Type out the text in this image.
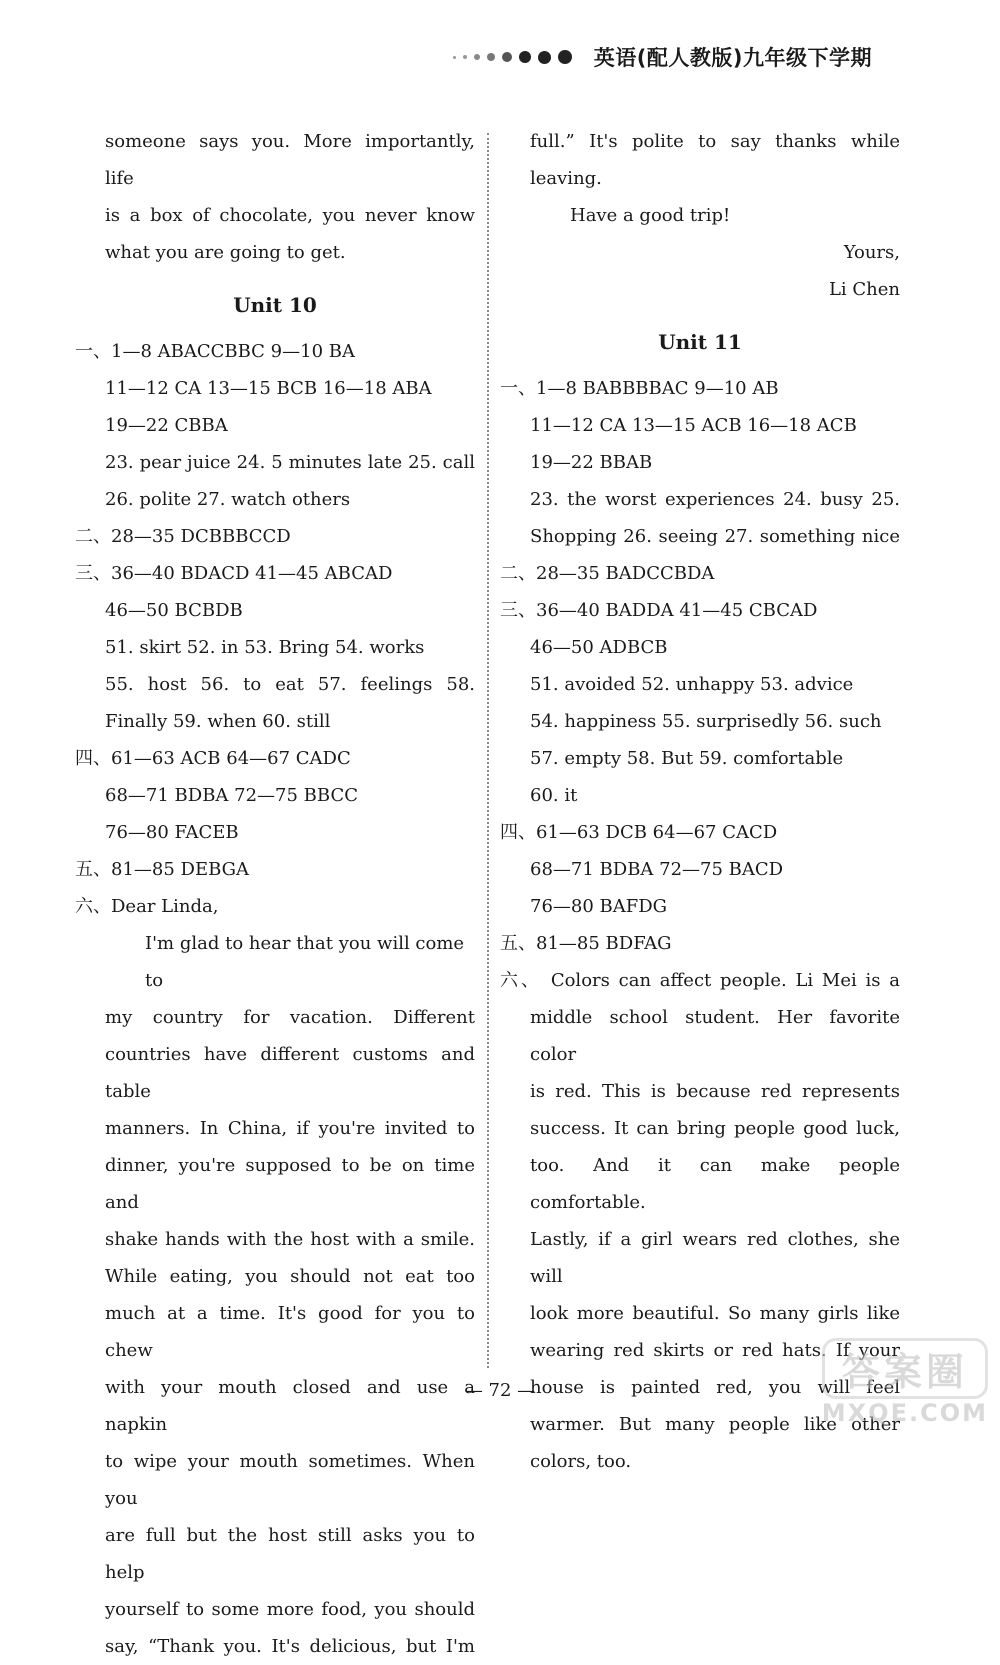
英语(配人教版)九年级下学期

someone says you. More importantly, life

is a box of chocolate, you never know

what you are going to get.

Unit 10

一、1—8 ABACCBBC 9—10 BA

11—12 CA 13—15 BCB 16—18 ABA

19—22 CBBA

23. pear juice 24. 5 minutes late 25. call

26. polite 27. watch others

二、28—35 DCBBBCCD

三、36—40 BDACD 41—45 ABCAD

46—50 BCBDB

51. skirt 52. in 53. Bring 54. works

55. host 56. to eat 57. feelings 58.

Finally 59. when 60. still

四、61—63 ACB 64—67 CADC

68—71 BDBA 72—75 BBCC

76—80 FACEB

五、81—85 DEBGA

六、Dear Linda,

I'm glad to hear that you will come to

my country for vacation. Different

countries have different customs and table

manners. In China, if you're invited to

dinner, you're supposed to be on time and

shake hands with the host with a smile.

While eating, you should not eat too

much at a time. It's good for you to chew

with your mouth closed and use a napkin

to wipe your mouth sometimes. When you

are full but the host still asks you to help

yourself to some more food, you should

say, “Thank you. It's delicious, but I'm

full.” It's polite to say thanks while

leaving.

Have a good trip!

Yours,

Li Chen

Unit 11

一、1—8 BABBBBAC 9—10 AB

11—12 CA 13—15 ACB 16—18 ACB

19—22 BBAB

23. the worst experiences 24. busy 25.

Shopping 26. seeing 27. something nice

二、28—35 BADCCBDA

三、36—40 BADDA 41—45 CBCAD

46—50 ADBCB

51. avoided 52. unhappy 53. advice

54. happiness 55. surprisedly 56. such

57. empty 58. But 59. comfortable

60. it

四、61—63 DCB 64—67 CACD

68—71 BDBA 72—75 BACD

76—80 BAFDG

五、81—85 BDFAG

六、 Colors can affect people. Li Mei is a

middle school student. Her favorite color

is red. This is because red represents

success. It can bring people good luck,

too. And it can make people comfortable.

Lastly, if a girl wears red clothes, she will

look more beautiful. So many girls like

wearing red skirts or red hats. If your

house is painted red, you will feel

warmer. But many people like other

colors, too.

— 72 —	答案圈
MXQE.COM
